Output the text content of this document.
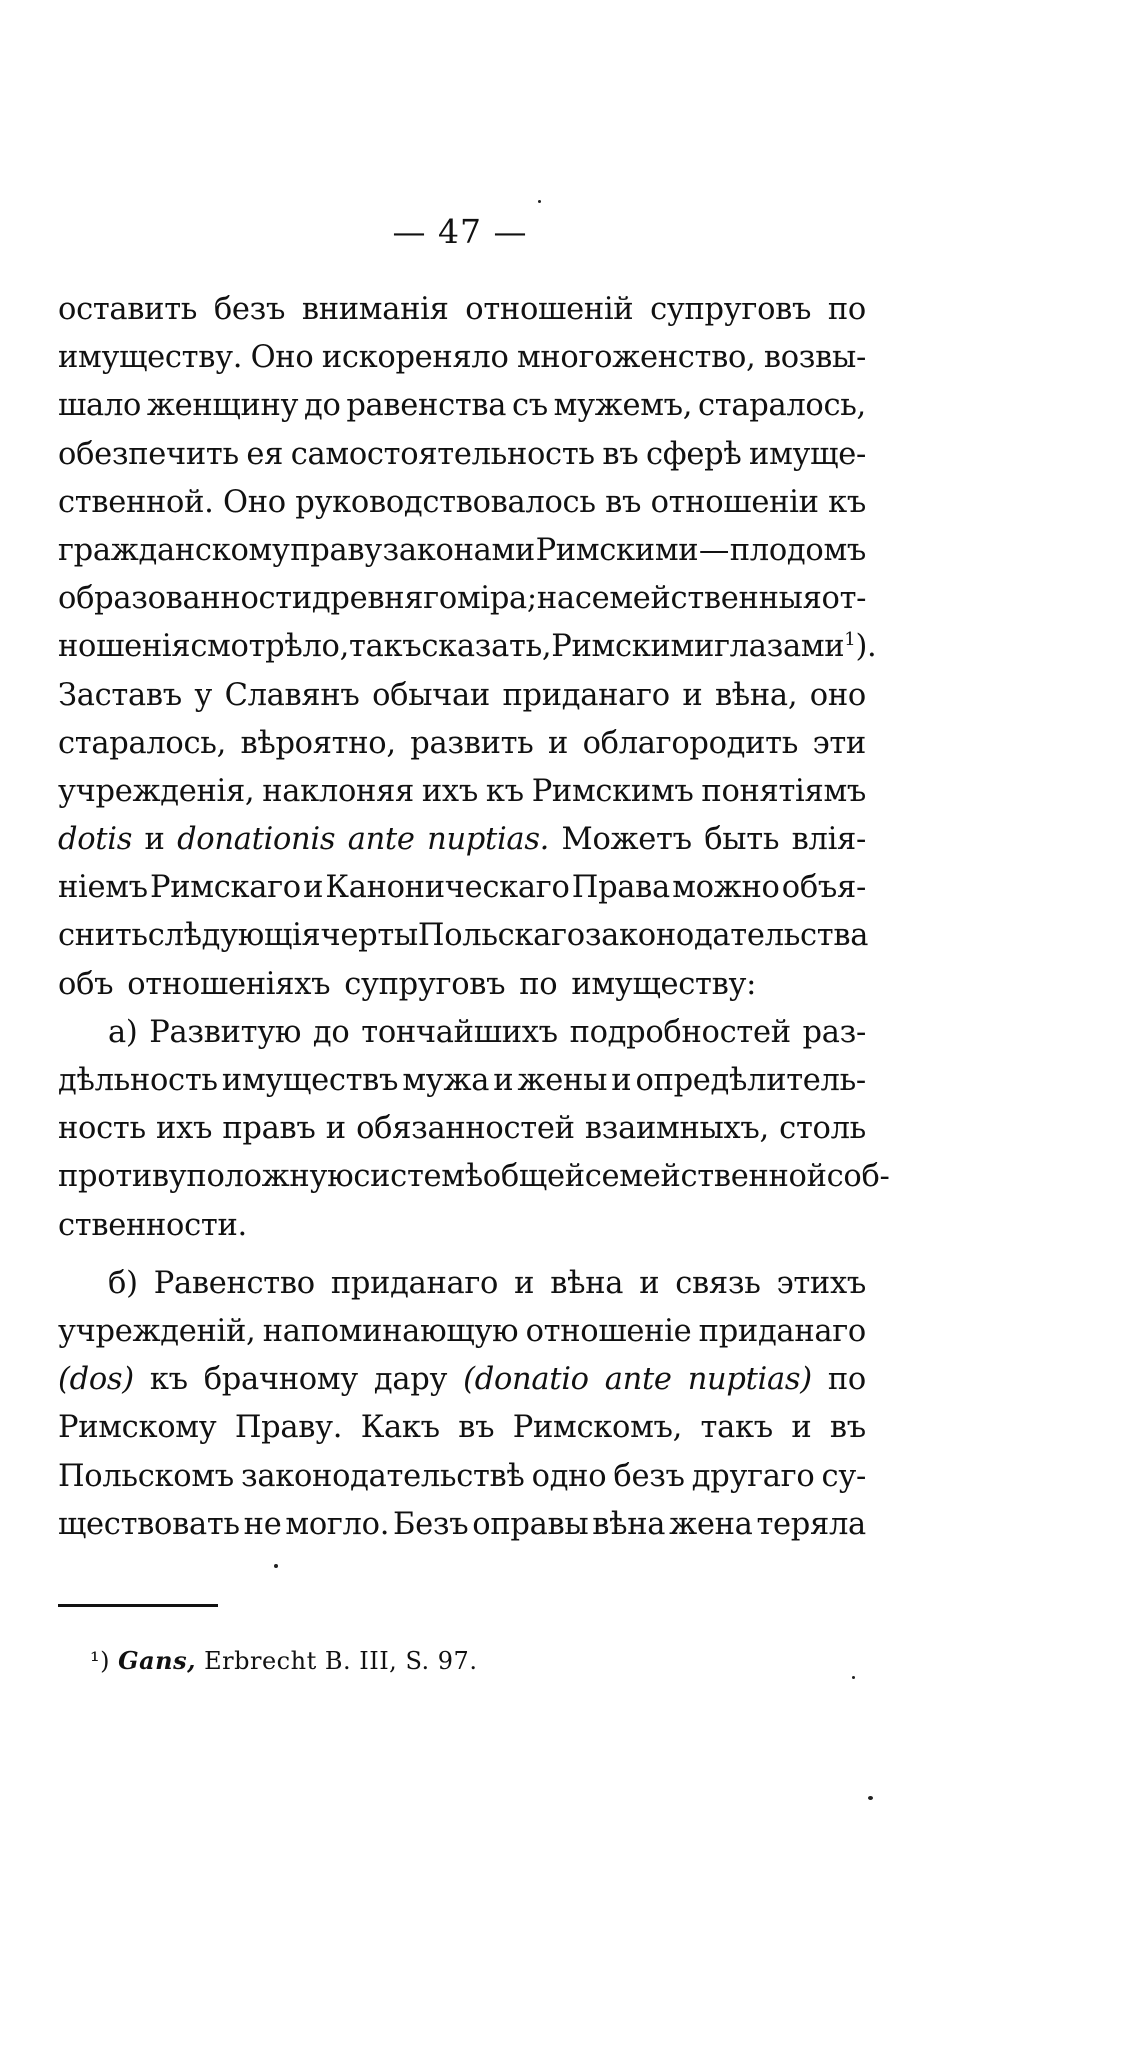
— 47 —
оставить безъ вниманія отношеній супруговъ по
имуществу. Оно искореняло многоженство, возвы-
шало женщину до равенства съ мужемъ, старалось,
обезпечить ея самостоятельность въ сферѣ имуще-
ственной. Оно руководствовалось въ отношеніи къ
гражданскому праву законами Римскими — плодомъ
образованности древняго міра; на семейственныя от-
ношенія смотрѣло, такъ сказать, Римскими глазами1).
Заставъ у Славянъ обычаи приданаго и вѣна, оно
старалось, вѣроятно, развить и облагородить эти
учрежденія, наклоняя ихъ къ Римскимъ понятіямъ
dotis и donationis ante nuptias. Можетъ быть влія-
ніемъ Римскаго и Каноническаго Права можно объя-
снить слѣдующія черты Польскаго законодательства
объ отношеніяхъ супруговъ по имуществу:
а) Развитую до тончайшихъ подробностей раз-
дѣльность имуществъ мужа и жены и опредѣлитель-
ность ихъ правъ и обязанностей взаимныхъ, столь
противуположную системѣ общей семейственной соб-
ственности.
б) Равенство приданаго и вѣна и связь этихъ
учрежденій, напоминающую отношеніе приданаго
(dos) къ брачному дару (donatio ante nuptias) по
Римскому Праву. Какъ въ Римскомъ, такъ и въ
Польскомъ законодательствѣ одно безъ другаго су-
ществовать не могло. Безъ оправы вѣна жена теряла
¹) Gans, Erbrecht B. III, S. 97.
